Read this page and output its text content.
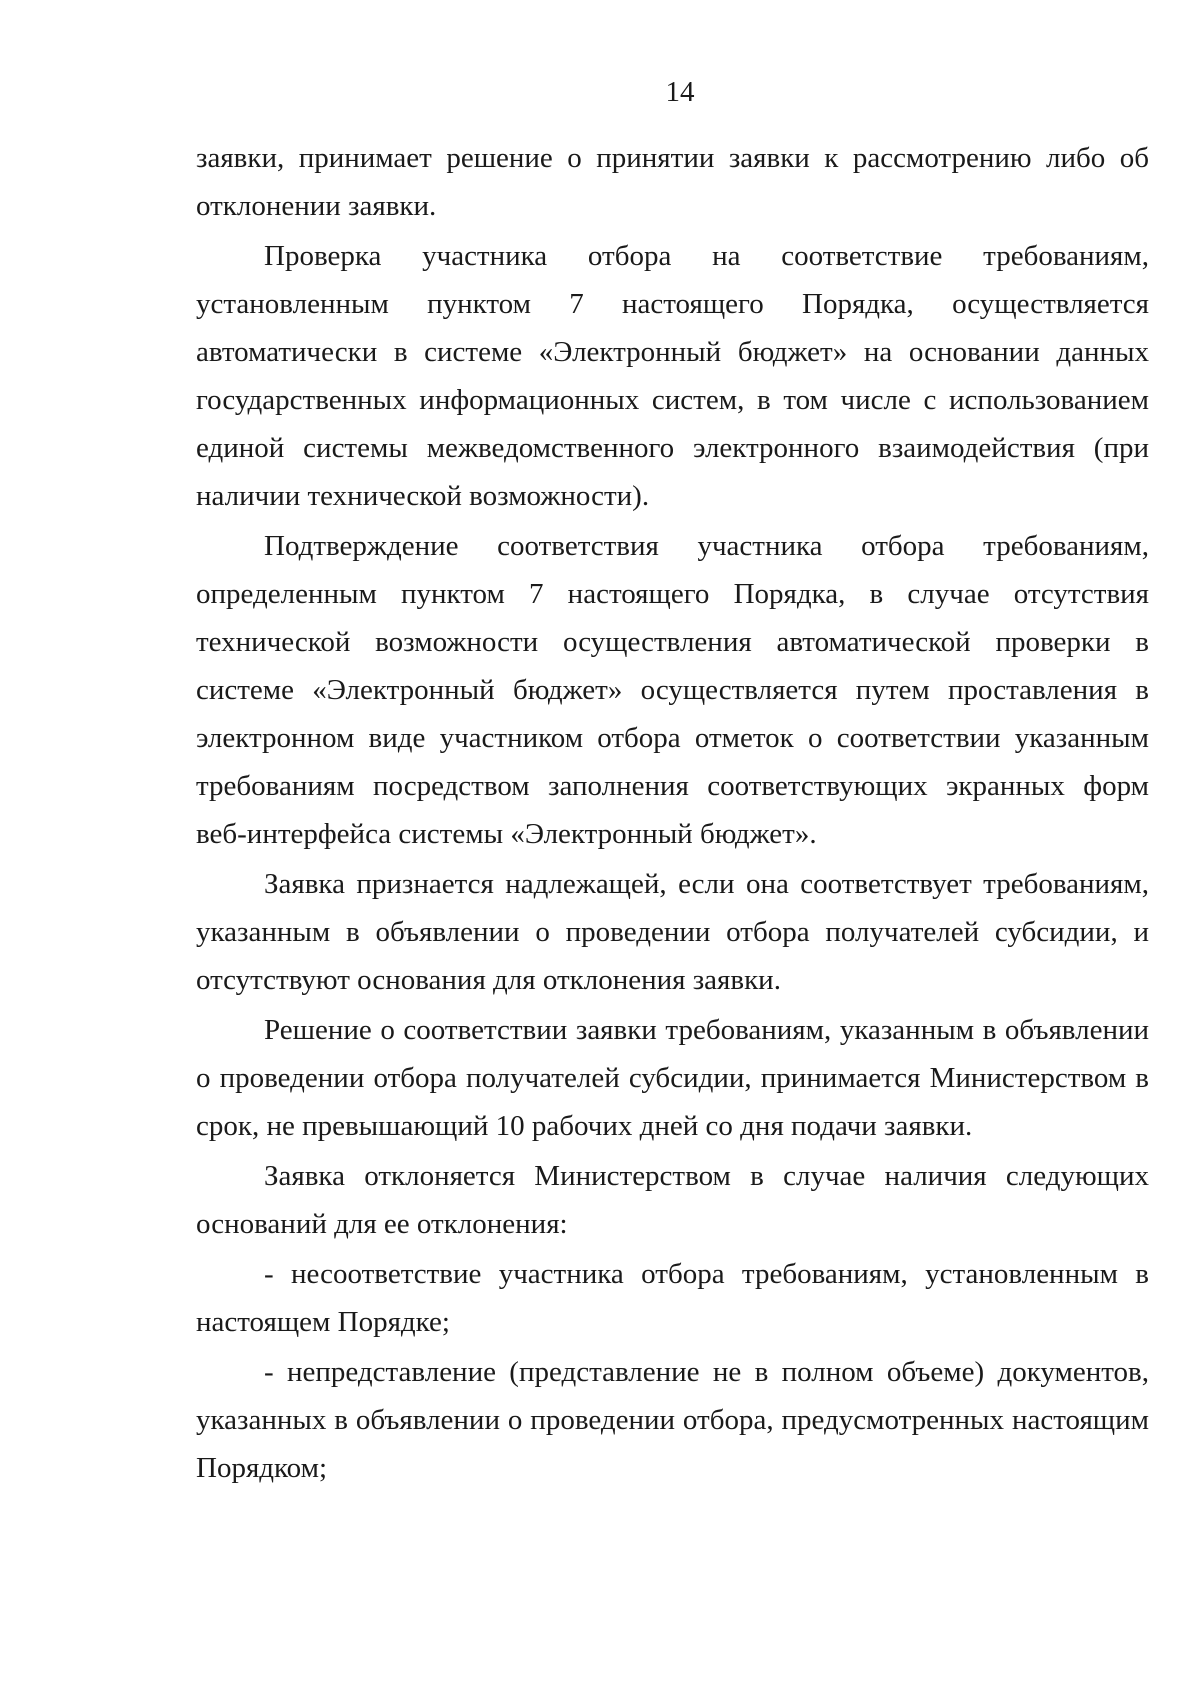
14

заявки, принимает решение о принятии заявки к рассмотрению либо об отклонении заявки.

Проверка участника отбора на соответствие требованиям, установленным пунктом 7 настоящего Порядка, осуществляется автоматически в системе «Электронный бюджет» на основании данных государственных информационных систем, в том числе с использованием единой системы межведомственного электронного взаимодействия (при наличии технической возможности).

Подтверждение соответствия участника отбора требованиям, определенным пунктом 7 настоящего Порядка, в случае отсутствия технической возможности осуществления автоматической проверки в системе «Электронный бюджет» осуществляется путем проставления в электронном виде участником отбора отметок о соответствии указанным требованиям посредством заполнения соответствующих экранных форм веб-интерфейса системы «Электронный бюджет».

Заявка признается надлежащей, если она соответствует требованиям, указанным в объявлении о проведении отбора получателей субсидии, и отсутствуют основания для отклонения заявки.

Решение о соответствии заявки требованиям, указанным в объявлении о проведении отбора получателей субсидии, принимается Министерством в срок, не превышающий 10 рабочих дней со дня подачи заявки.

Заявка отклоняется Министерством в случае наличия следующих оснований для ее отклонения:

- несоответствие участника отбора требованиям, установленным в настоящем Порядке;

- непредставление (представление не в полном объеме) документов, указанных в объявлении о проведении отбора, предусмотренных настоящим Порядком;
